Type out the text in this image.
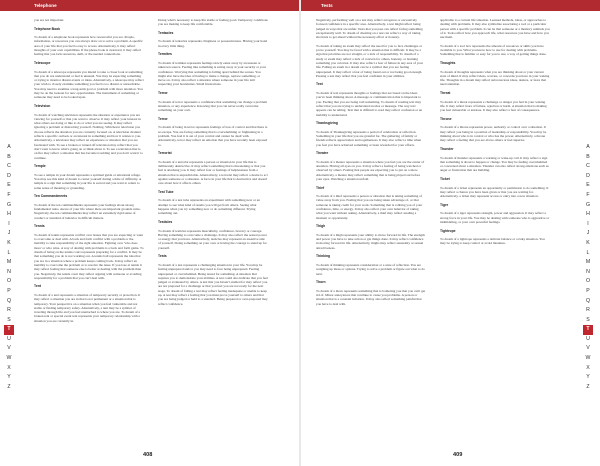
Telephone	Tests

you are not important.

Telephone Book

To dream of a telephone book represents how resourceful you are. People, information, or resources you can always draw on to solve a problem. A specific area of your life that you feel is easy to access. Alternatively, it may reflect thoughts of your own capabilities. If the phone book is awkward, it may reflect feeling that you lack resources, skill, or the needed connections.

Telescope

To dream of a telescope represents you intend to take a closer look at something that you do not understand or feel is unusual. You may be expecting something or trying to monitor distant events or ideas. Alternatively, a telescope may reflect your wish to closely examine something you feel is too distant or unreachable. You may need to examine a long-term goal or problem with more attention. You may be on the lookout for new opportunities. The instrument of something or someone may need to be looked upon.

Television

To dream of watching television represents the situation or experience you are viewing for yourself or that you want to observe. It may reflect your interest in what others are doing or like to do or what you are seeing. It may reflect ignoring a problem or distracting yourself. Nothing. Whichever television you choose reflects the situation you are currently focused on. A television channel reflects a specific outlook or an interest in something and how it relates to you. Alternatively, a television may reflect an experience or situation that you are fascinated with. To see a broken or turned off television may reflect that you don't want to know what's going on or think about it. To see a television that is on fire may reflect a situation that has become troubling and you don't want it to continue.

Temple

To see a temple in your dream represents a spiritual guide or emotional refuge. You may see this kind of dream to center yourself during a time of difficulty. A temple is a sign that something in your life is sacred and you want to return to some sense of meaning or grounding.

Ten Commandments

To dream of the ten commandments represents your feelings about strong fundamental rules. Aware of your life where there are important grounds rules. Negatively, the ten commandments may reflect an extremely rigid sense of conduct or standard of behavior in difficult matters.

Tennis

To dream of tennis represents conflict over issues that you are expecting or want to overcome or deal with. A back and forth conflict with a problem or the inability to take responsibility of the right situation. Fighting over 'who does more' or who wins. A way of dealing with problems is a back and forth game. To dream of being on the tennis court represents preparing for a conflict. It may be that something you do is not working out. A tennis ball represents the idea that you are in a situation where a problem keeps coming back. It may reflect an inability to overcome the problem or to resolve the issue. If you lose at tennis it may reflect feeling that someone else is better at dealing with the problem than you. Negatively, the tennis court may reflect arguing with someone or avoiding responsibility for a problem that you can't deal with.

Tent

To dream of a tent represents a situation of temporary security or protection. It may reflect a situation you are in that is not permanent or a situation that is temporary. Your perspective on a situation when you feel vulnerable and not stable or finding temporary safety. Alternatively, a tent may be a symbol of traveling through life and you feel unattached to where you are. To dream of a broken tent or special event tent represents your temporary relationship with a situation you are currently in.

Doing what's necessary to keep life stable or feeling good. Temporary conditions you are making to keep life comfortable.

Tentacles

To dream of tentacles represents clinginess or possessiveness. Having your hand in every little thing.

Termites

To dream of termites represents feelings slowly eaten away by an unseen or unknown source. Feeling like something is eating away at your security or your confidence. Worrying that something is falling apart behind the scenes. You might also have the idea of having to make a change, replace something, or move on. It may also reflect a situation where someone in your life isn't respecting your boundaries. Small frustrations.

Terror

To dream of terror represents a confidence that something can change a problem situation, or any experience. Knowing that you can never really overcome something on your own.

Terror

To dream of being in terror represents feelings of loss of control and that there is no escape. You are facing something that is overwhelming or frightening in a problem. You feel it is out of your control and cannot be dealt with. Alternatively, terror may reflect an emotion that you have recently been exposed to.

Terrorist

To dream of a terrorist represents a person or situation in your life that is deliberately destructive. It may reflect something that is threatening or that you feel is attacking you. It may reflect fear or feelings of helplessness from a situation that is unpredictable. Alternatively, a terrorist may reflect a desire to act against someone or a situation. A force in your life that is destructive and doesn't care about how it affects others.

Test Tube

To dream of a test tube represents an experiment with something new or an attempt to see what kind of results you will get from others. Seeing what happens when you try something new or do something different. Trying something out.

Testicles

To dream of testicles represents masculinity, confidence, bravery or courage. Having something to overcome a challenge. It may also reflect the sexual power or energy that you have. Alternatively, testicles may represent an assertive side of yourself. Doing something on your own or having the courage to stand up for yourself.

Tests

To dream of a test represents a challenging situation in your life. You may be feeling unprepared and/or you may need to face being unprepared. Feeling unprepared or overwhelmed. Being tested for something. A situation that requires you to demonstrate your abilities. A test could also indicate that you feel judged or evaluated by others. A test that you haven't studied for may reflect you are not prepared for a challenge or that you feel you are not ready for the next stage. To dream of failing a test may reflect feeling inadequate or unable to keep up. A test may reflect a feeling that you must prove yourself to others and that you are being judged or held to a standard. Being prepared or over-prepared may reflect confidence.

Negatively, performing well on a test may reflect arrogance or excessively focused confidence in a specific area. Alternatively, a test might reflect being judged in ways that are unfair. Tests that you pass can reflect facing something exceptionally well. To dream of cheating on a test can reflect a way of taking shortcuts to get ahead without the necessary effort or honesty.

To dream of taking an exam may reflect the need for you to face challenges or prove yourself. You may be faced with a situation that is difficult. It may be a sign that priorities are not straight, or a lack of responsibility. To dream of a study or exam may reflect a lack of concern for others, honesty, or learning something you can trust. It may also reflect a fear of failure in any area of your life. Failing an exam in a dream can be a symbol that you are feeling unprepared. It may reflect a fear of being found out or not being good enough. Passing a test may reflect that you feel confident in your abilities.

Text

To dream of text represents thoughts or feelings that are based on the ideas you've been thinking about. A message or communication that is important to you. Feeling that you are being told something. To dream of reading text may reflect that you are trying to understand an idea or message. The way text appears can be telling. Text that is difficult to read may reflect confusion or an inability to understand.

Thanksgiving

To dream of Thanksgiving represents a period of celebration or reflection. Something in your life that you are grateful for. The gathering of family or friends reflects appreciation and togetherness. It may also reflect a time when you feel you have achieved something or been rewarded for your efforts.

Theatre

To dream of a theatre represents a situation where you feel you are the center of attention. Having all eyes on you. It may reflect a feeling of being watched or observed by others. Feeling that people are expecting you to put on a show. Alternatively, a theatre may reflect something that is being played out before your eyes. Watching a situation unfold.

Thief

To dream of a thief represents a person or situation that is taking something of value away from you. Feeling that you are being taken advantage of, or that someone is taking credit for your work. Something that is robbing you of your confidence, time, or energy. It may also reflect your own behavior of taking what you want without asking. Alternatively, a thief may reflect stealing a moment or opportunity.

Thigh

To dream of a thigh represents your ability to move forward in life. The strength and power you have to take action or get things done. It may reflect confidence in moving forward in life. Alternatively, thighs may reflect sensuality or sexual attractiveness.

Thinking

To dream of thinking represents consideration or a state of reflection. You are weighing up ideas or options. Trying to solve a problem or figure out what to do next.

Thorn

To dream of a thorn represents something that is bothering you that you can't get rid of. Minor annoyances that continue to cause you problems. A person or situation that is a constant irritation. It may also reflect something painful that you have to deal with.

applicable to a current life situation. Learned methods, ideas, or approaches to dealing with problems. It may also symbolize associating a tool or a particular person with a specific problem. It can be that someone or a memory reminds you of it. Tools reflect how you approach life, what resources you have and how you use them.

To dream of a tool box represents the amount of resources or skills you have available to you. What you know how to use for dealing with problems. Something that is familiar or easy for you to use, a way of getting things done.

Thoughts

To dream of thoughts represents what you are thinking about or your current state of mind. It may reflect ideas, worries, or concerns you have in your waking life. Thoughts in a dream may reflect subconscious ideas, desires, or fears that need attention.

Threat

To dream of a threat represents a challenge or danger you feel in your waking life. It may reflect fears of failure, rejection or harm. A situation that is making you feel vulnerable or anxious. It may also reflect a fear of consequences.

Throne

To dream of a throne represents power, authority or control over a situation. It may reflect you being in a position of leadership or responsibility. You may be thinking about who is in control or who has the power. Alternatively, a throne may reflect a feeling that you are above others or feel superior.

Thunder

To dream of thunder represents a warning or wake-up call. It may reflect a sign that something is about to happen or change. You may be feeling overwhelmed or concerned about a situation. Thunder can also reflect strong emotions such as anger or frustration that are building.

Ticket

To dream of a ticket represents an opportunity or permission to do something. It may reflect a chance you have been given or that you are waiting for. Alternatively, a ticket may represent access or entry into a new situation.

Tiger

To dream of a tiger represents strength, power and aggression. It may reflect a strong force in your life. You may be dealing with someone who is aggressive or intimidating, or your own powerful feelings.

Tightrope

To dream of a tightrope represents a delicate balance or a risky situation. You may be trying to keep control or avoid mistakes.

A
B
C
D
E
F
G
H
I
J
K
L
M
N
O
P
Q
R
S
T
U
V
W
X
Y
Z
A
B
C
D
E
F
G
H
I
J
K
L
M
N
O
P
Q
R
S
T
U
V
W
X
Y
Z
408	409
